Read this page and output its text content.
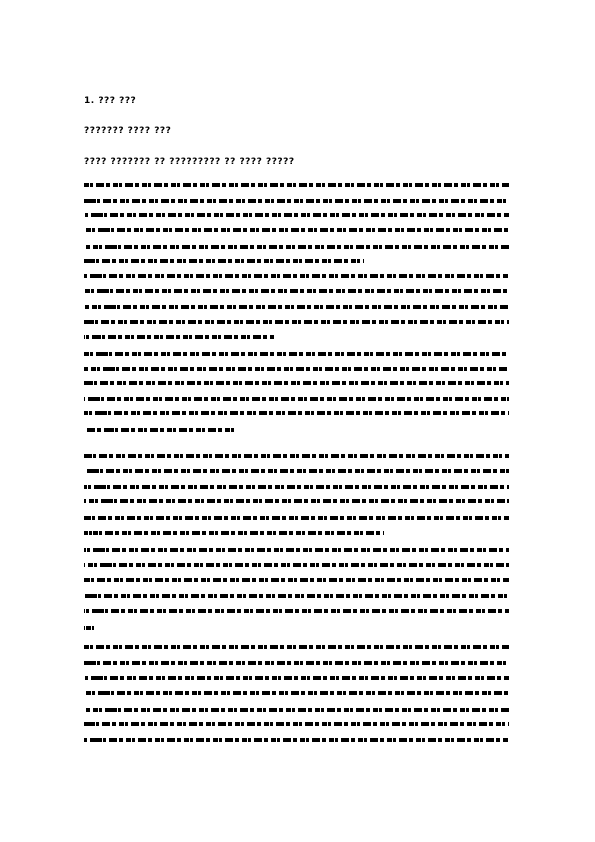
1. ??? ???
??????? ???? ???
???? ??????? ?? ????????? ?? ???? ?????
